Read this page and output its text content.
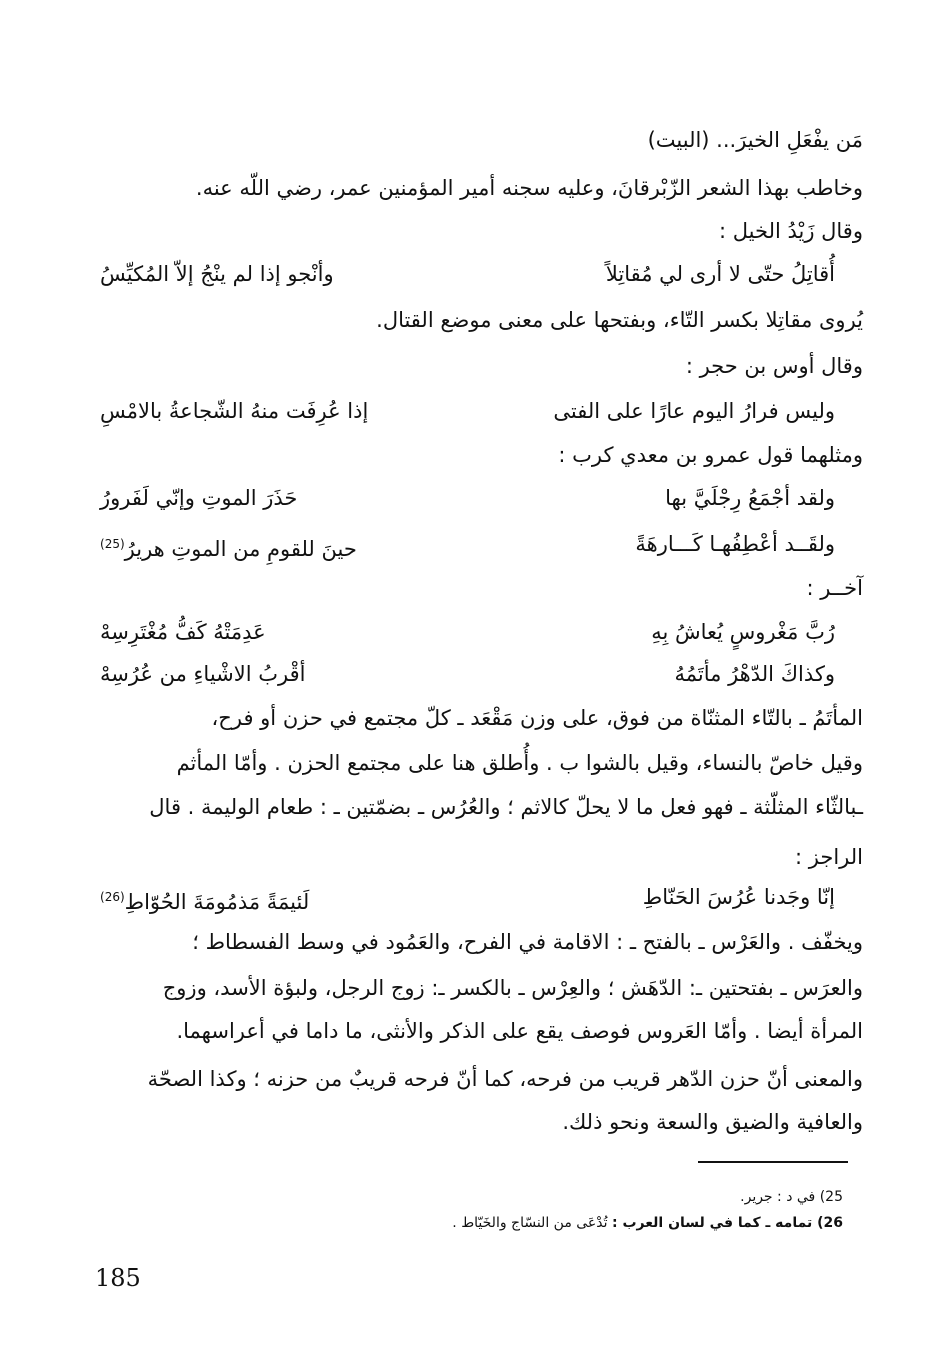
مَن يفْعَلِ الخيرَ... (البيت)

وخاطب بهذا الشعر الزّبْرقانَ، وعليه سجنه أمير المؤمنين عمر، رضي اللّه عنه.

وقال زَيْدُ الخيل :

أُقاتِلُ حتّى لا أرى لي مُقاتِلاً
وأنْجو إذا لم ينْجُ إلاّ المُكيِّسُ

يُروى مقاتِلا بكسر التّاء، وبفتحها على معنى موضع القتال.

وقال أوس بن حجر :

وليس فرارُ اليوم عارًا على الفتى
إذا عُرِفَت منهُ الشّجاعةُ بالامْسِ

ومثلهما قول عمرو بن معدي كرب :

ولقد أجْمَعُ رِجْلَيَّ بها
حَذَرَ الموتِ وإنّي لَفَرورُ
ولقَــد أعْطِفُهـا كَـــارهَةً
حينَ للقومِ من الموتِ هريرُ$^{(25)}$

آخــر :

رُبَّ مَغْروسٍ يُعاشُ بِهِ
عَدِمَتْهُ كَفُّ مُغْتَرِسِهْ
وكذاكَ الدّهْرُ مأتَمُهُ
أقْربُ الاشْياءِ من عُرُسِهْ

المأتَمُ ـ بالتّاء المثنّاة من فوق، على وزن مَقْعَد ـ كلّ مجتمع في حزن أو فرح،

وقيل خاصّ بالنساء، وقيل بالشوا ب . وأُطلق هنا على مجتمع الحزن . وأمّا المأثم

ـبالثّاء المثلّثة ـ فهو فعل ما لا يحلّ كالاثم ؛ والعُرُس ـ بضمّتين ـ : طعام الوليمة . قال

الراجز :

إنّا وجَدنا عُرُسَ الحَنّاطِ
لَئيمَةً مَذمُومَةَ الحُوّاطِ$^{(26)}$

ويخفّف . والعَرْس ـ بالفتح ـ : الاقامة في الفرح، والعَمُود في وسط الفسطاط ؛

والعرَس ـ بفتحتين ـ: الدّهَش ؛ والعِرْس ـ بالكسر ـ: زوج الرجل، ولبؤة الأسد، وزوج

المرأة أيضا . وأمّا العَروس فوصف يقع على الذكر والأنثى، ما داما في أعراسهما.

والمعنى أنّ حزن الدّهر قريب من فرحه، كما أنّ فرحه قريبٌ من حزنه ؛ وكذا الصحّة

والعافية والضيق والسعة ونحو ذلك.

25) في د : جرير.
26) تمامه ـ كما في لسان العرب : تُدْعَى من النسّاج والخَيّاط .
185
